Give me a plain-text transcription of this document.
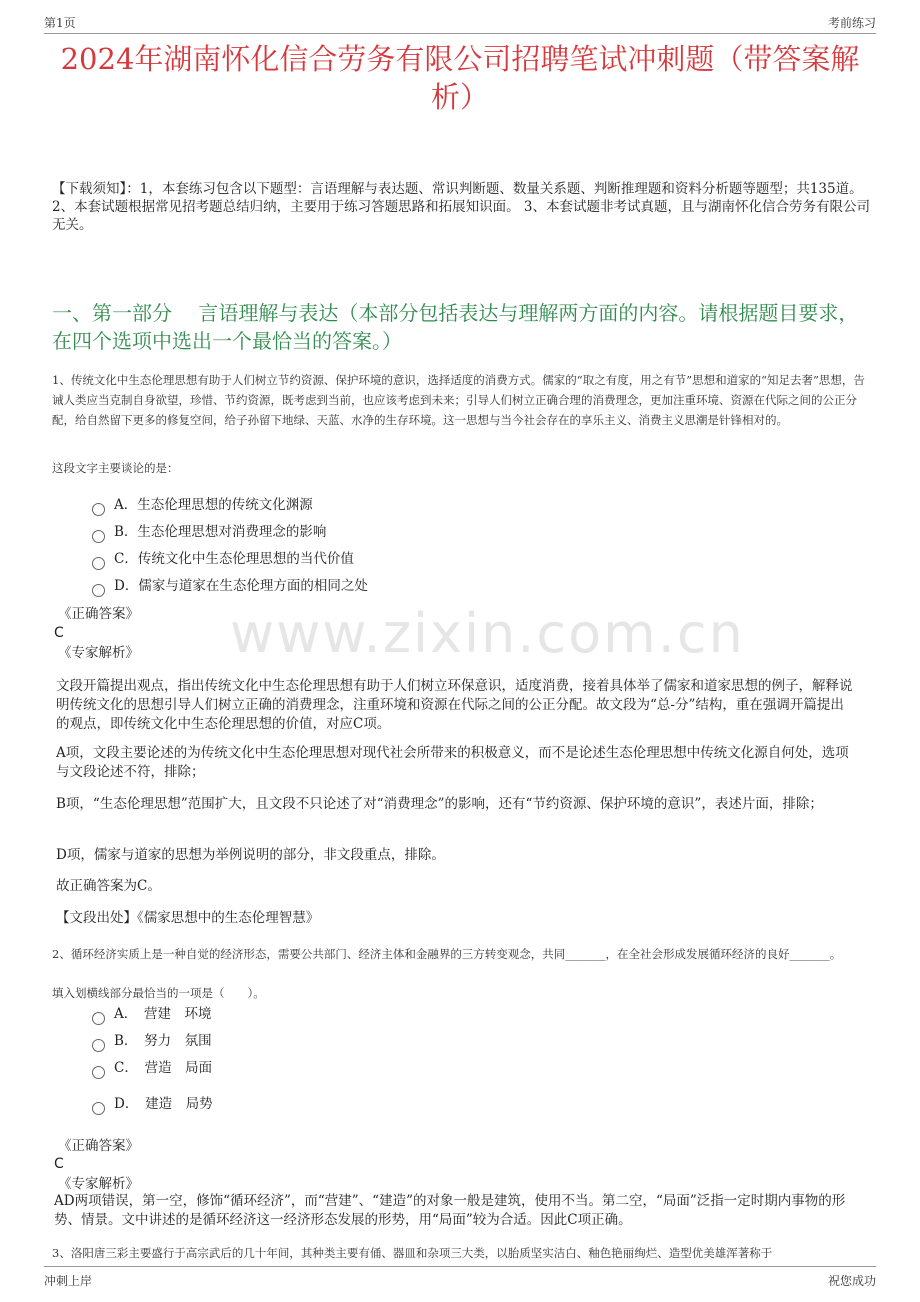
第1页	考前练习
2024年湖南怀化信合劳务有限公司招聘笔试冲刺题（带答案解析）
【下载须知】：1，本套练习包含以下题型：言语理解与表达题、常识判断题、数量关系题、判断推理题和资料分析题等题型；共135道。 2、本套试题根据常见招考题总结归纳，主要用于练习答题思路和拓展知识面。 3、本套试题非考试真题，且与湖南怀化信合劳务有限公司无关。
一、第一部分　 言语理解与表达（本部分包括表达与理解两方面的内容。请根据题目要求，在四个选项中选出一个最恰当的答案。）
www.zixin.com.cn
1、传统文化中生态伦理思想有助于人们树立节约资源、保护环境的意识，选择适度的消费方式。儒家的“取之有度，用之有节”思想和道家的“知足去奢”思想，告诫人类应当克制自身欲望，珍惜、节约资源，既考虑到当前，也应该考虑到未来；引导人们树立正确合理的消费理念，更加注重环境、资源在代际之间的公正分配，给自然留下更多的修复空间，给子孙留下地绿、天蓝、水净的生存环境。这一思想与当今社会存在的享乐主义、消费主义思潮是针锋相对的。
这段文字主要谈论的是：
A．生态伦理思想的传统文化渊源
B．生态伦理思想对消费理念的影响
C．传统文化中生态伦理思想的当代价值
D．儒家与道家在生态伦理方面的相同之处
《正确答案》
C
《专家解析》
文段开篇提出观点，指出传统文化中生态伦理思想有助于人们树立环保意识，适度消费，接着具体举了儒家和道家思想的例子，解释说明传统文化的思想引导人们树立正确的消费理念，注重环境和资源在代际之间的公正分配。故文段为“总-分”结构，重在强调开篇提出的观点，即传统文化中生态伦理思想的价值，对应C项。
A项，文段主要论述的为传统文化中生态伦理思想对现代社会所带来的积极意义，而不是论述生态伦理思想中传统文化源自何处，选项与文段论述不符，排除；
B项，“生态伦理思想”范围扩大，且文段不只论述了对“消费理念”的影响，还有“节约资源、保护环境的意识”，表述片面，排除；
D项，儒家与道家的思想为举例说明的部分，非文段重点，排除。
故正确答案为C。
【文段出处】《儒家思想中的生态伦理智慧》
2、循环经济实质上是一种自觉的经济形态，需要公共部门、经济主体和金融界的三方转变观念，共同_______，在全社会形成发展循环经济的良好_______。
填入划横线部分最恰当的一项是（　　）。
A．　营建　环境
B．　努力　氛围
C．　营造　局面
D．　建造　局势
《正确答案》
C
《专家解析》
AD两项错误，第一空，修饰“循环经济”，而“营建”、“建造”的对象一般是建筑，使用不当。第二空，“局面”泛指一定时期内事物的形势、情景。文中讲述的是循环经济这一经济形态发展的形势，用“局面”较为合适。因此C项正确。
3、洛阳唐三彩主要盛行于高宗武后的几十年间，其种类主要有俑、器皿和杂项三大类，以胎质坚实洁白、釉色艳丽绚烂、造型优美雄浑著称于
冲刺上岸	祝您成功
